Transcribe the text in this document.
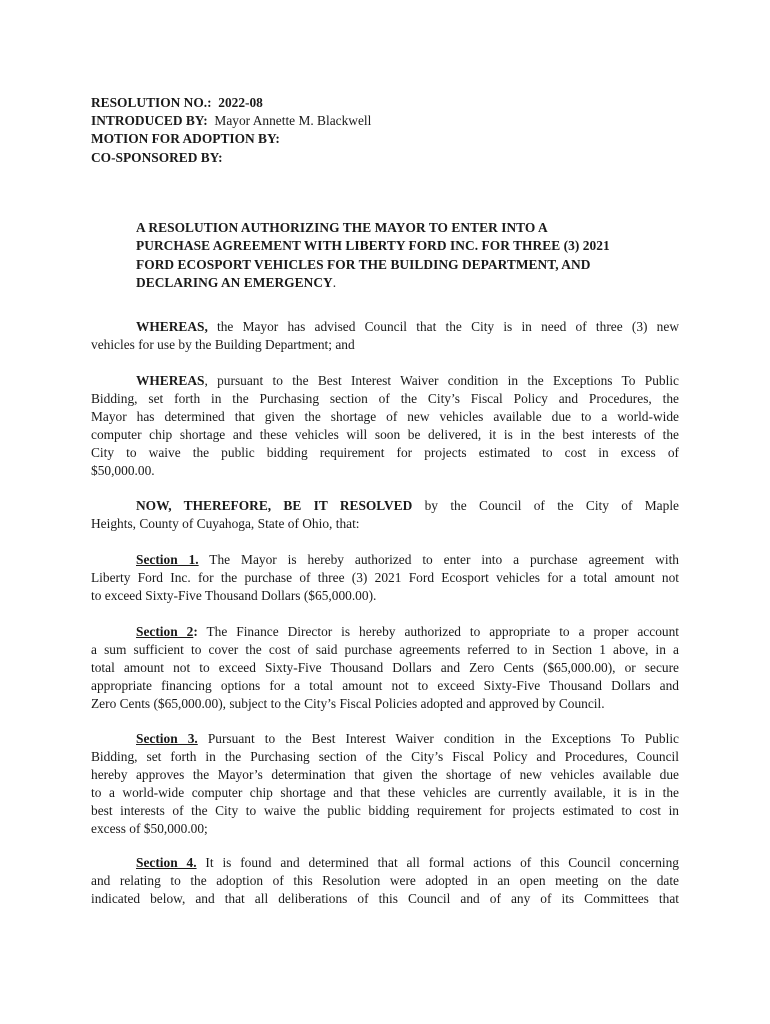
RESOLUTION NO.: 2022-08
INTRODUCED BY: Mayor Annette M. Blackwell
MOTION FOR ADOPTION BY:
CO-SPONSORED BY:
A RESOLUTION AUTHORIZING THE MAYOR TO ENTER INTO A
PURCHASE AGREEMENT WITH LIBERTY FORD INC. FOR THREE (3) 2021
FORD ECOSPORT VEHICLES FOR THE BUILDING DEPARTMENT, AND
DECLARING AN EMERGENCY.
WHEREAS, the Mayor has advised Council that the City is in need of three (3) new
vehicles for use by the Building Department; and
WHEREAS, pursuant to the Best Interest Waiver condition in the Exceptions To Public
Bidding, set forth in the Purchasing section of the City’s Fiscal Policy and Procedures, the
Mayor has determined that given the shortage of new vehicles available due to a world-wide
computer chip shortage and these vehicles will soon be delivered, it is in the best interests of the
City to waive the public bidding requirement for projects estimated to cost in excess of
$50,000.00.
NOW, THEREFORE, BE IT RESOLVED by the Council of the City of Maple
Heights, County of Cuyahoga, State of Ohio, that:
Section 1. The Mayor is hereby authorized to enter into a purchase agreement with
Liberty Ford Inc. for the purchase of three (3) 2021 Ford Ecosport vehicles for a total amount not
to exceed Sixty-Five Thousand Dollars ($65,000.00).
Section 2: The Finance Director is hereby authorized to appropriate to a proper account
a sum sufficient to cover the cost of said purchase agreements referred to in Section 1 above, in a
total amount not to exceed Sixty-Five Thousand Dollars and Zero Cents ($65,000.00), or secure
appropriate financing options for a total amount not to exceed Sixty-Five Thousand Dollars and
Zero Cents ($65,000.00), subject to the City’s Fiscal Policies adopted and approved by Council.
Section 3. Pursuant to the Best Interest Waiver condition in the Exceptions To Public
Bidding, set forth in the Purchasing section of the City’s Fiscal Policy and Procedures, Council
hereby approves the Mayor’s determination that given the shortage of new vehicles available due
to a world-wide computer chip shortage and that these vehicles are currently available, it is in the
best interests of the City to waive the public bidding requirement for projects estimated to cost in
excess of $50,000.00;
Section 4. It is found and determined that all formal actions of this Council concerning
and relating to the adoption of this Resolution were adopted in an open meeting on the date
indicated below, and that all deliberations of this Council and of any of its Committees that
